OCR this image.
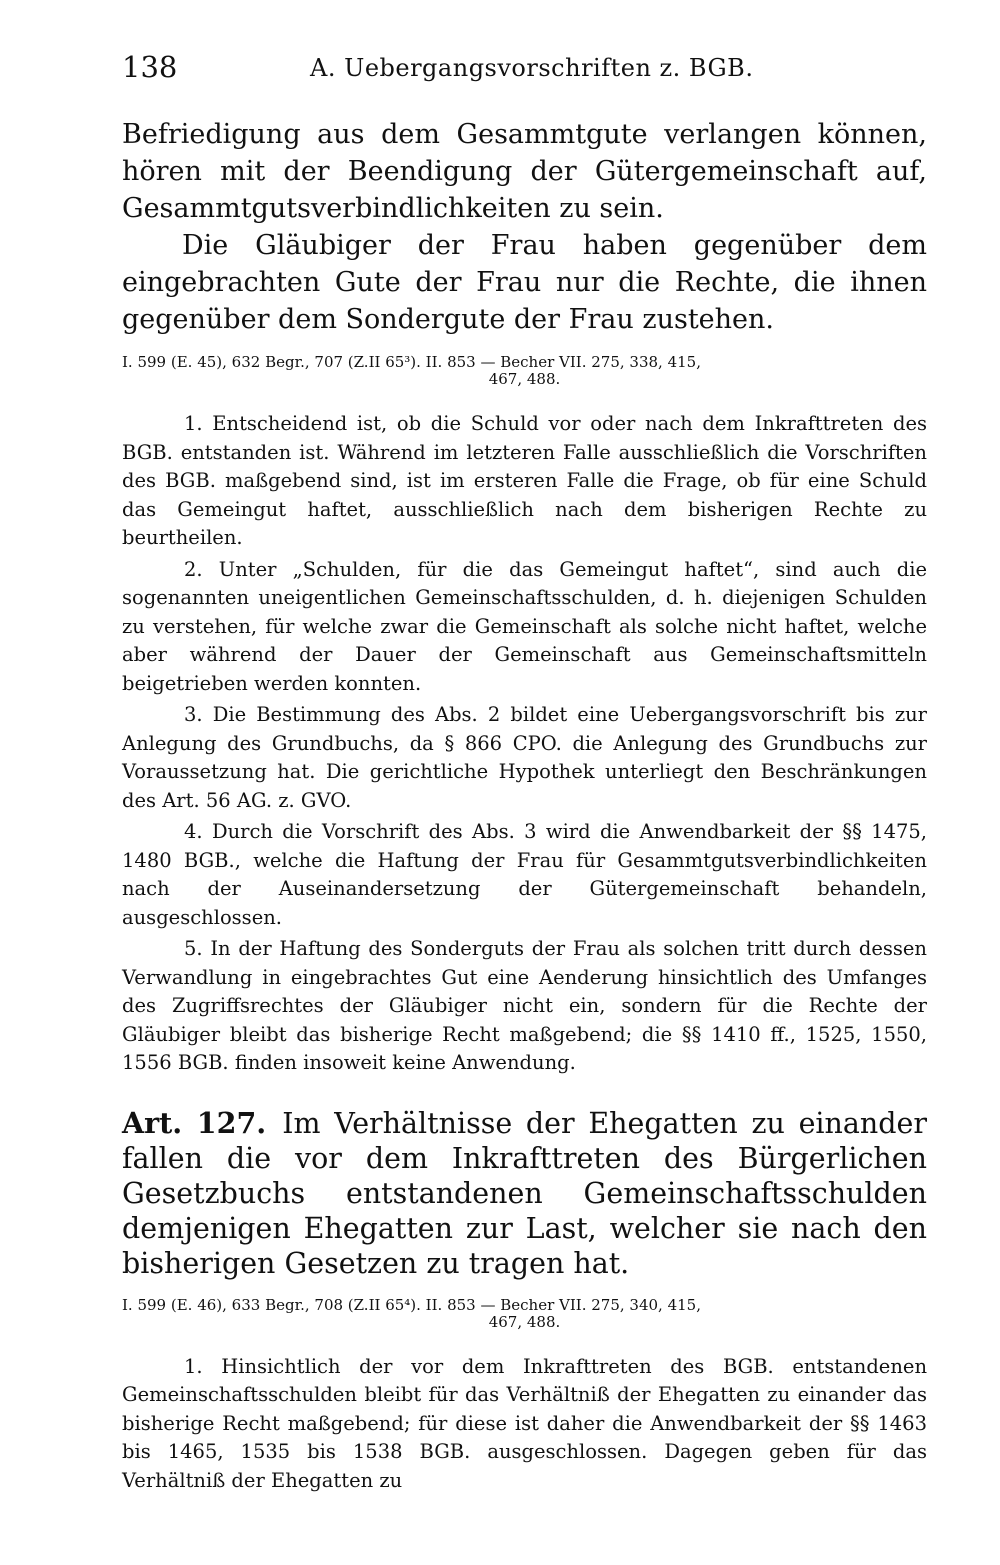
138	A. Uebergangsvorschriften z. BGB.

Befriedigung aus dem Gesammtgute verlangen können, hören mit der Beendigung der Gütergemeinschaft auf, Gesammtgutsverbindlichkeiten zu sein.

Die Gläubiger der Frau haben gegenüber dem eingebrachten Gute der Frau nur die Rechte, die ihnen gegenüber dem Sondergute der Frau zustehen.

I. 599 (E. 45), 632 Begr., 707 (Z.II 65³). II. 853 — Becher VII. 275, 338, 415,
467, 488.

1. Entscheidend ist, ob die Schuld vor oder nach dem Inkrafttreten des BGB. entstanden ist. Während im letzteren Falle ausschließlich die Vorschriften des BGB. maßgebend sind, ist im ersteren Falle die Frage, ob für eine Schuld das Gemeingut haftet, ausschließlich nach dem bisherigen Rechte zu beurtheilen.

2. Unter „Schulden, für die das Gemeingut haftet“, sind auch die sogenannten uneigentlichen Gemeinschaftsschulden, d. h. diejenigen Schulden zu verstehen, für welche zwar die Gemeinschaft als solche nicht haftet, welche aber während der Dauer der Gemeinschaft aus Gemeinschaftsmitteln beigetrieben werden konnten.

3. Die Bestimmung des Abs. 2 bildet eine Uebergangsvorschrift bis zur Anlegung des Grundbuchs, da § 866 CPO. die Anlegung des Grundbuchs zur Voraussetzung hat. Die gerichtliche Hypothek unterliegt den Beschränkungen des Art. 56 AG. z. GVO.

4. Durch die Vorschrift des Abs. 3 wird die Anwendbarkeit der §§ 1475, 1480 BGB., welche die Haftung der Frau für Gesammtgutsverbindlichkeiten nach der Auseinandersetzung der Gütergemeinschaft behandeln, ausgeschlossen.

5. In der Haftung des Sonderguts der Frau als solchen tritt durch dessen Verwandlung in eingebrachtes Gut eine Aenderung hinsichtlich des Umfanges des Zugriffsrechtes der Gläubiger nicht ein, sondern für die Rechte der Gläubiger bleibt das bisherige Recht maßgebend; die §§ 1410 ff., 1525, 1550, 1556 BGB. finden insoweit keine Anwendung.

Art. 127. Im Verhältnisse der Ehegatten zu einander fallen die vor dem Inkrafttreten des Bürgerlichen Gesetzbuchs entstandenen Gemeinschaftsschulden demjenigen Ehegatten zur Last, welcher sie nach den bisherigen Gesetzen zu tragen hat.

I. 599 (E. 46), 633 Begr., 708 (Z.II 65⁴). II. 853 — Becher VII. 275, 340, 415,
467, 488.

1. Hinsichtlich der vor dem Inkrafttreten des BGB. entstandenen Gemeinschaftsschulden bleibt für das Verhältniß der Ehegatten zu einander das bisherige Recht maßgebend; für diese ist daher die Anwendbarkeit der §§ 1463 bis 1465, 1535 bis 1538 BGB. ausgeschlossen. Dagegen geben für das Verhältniß der Ehegatten zu
